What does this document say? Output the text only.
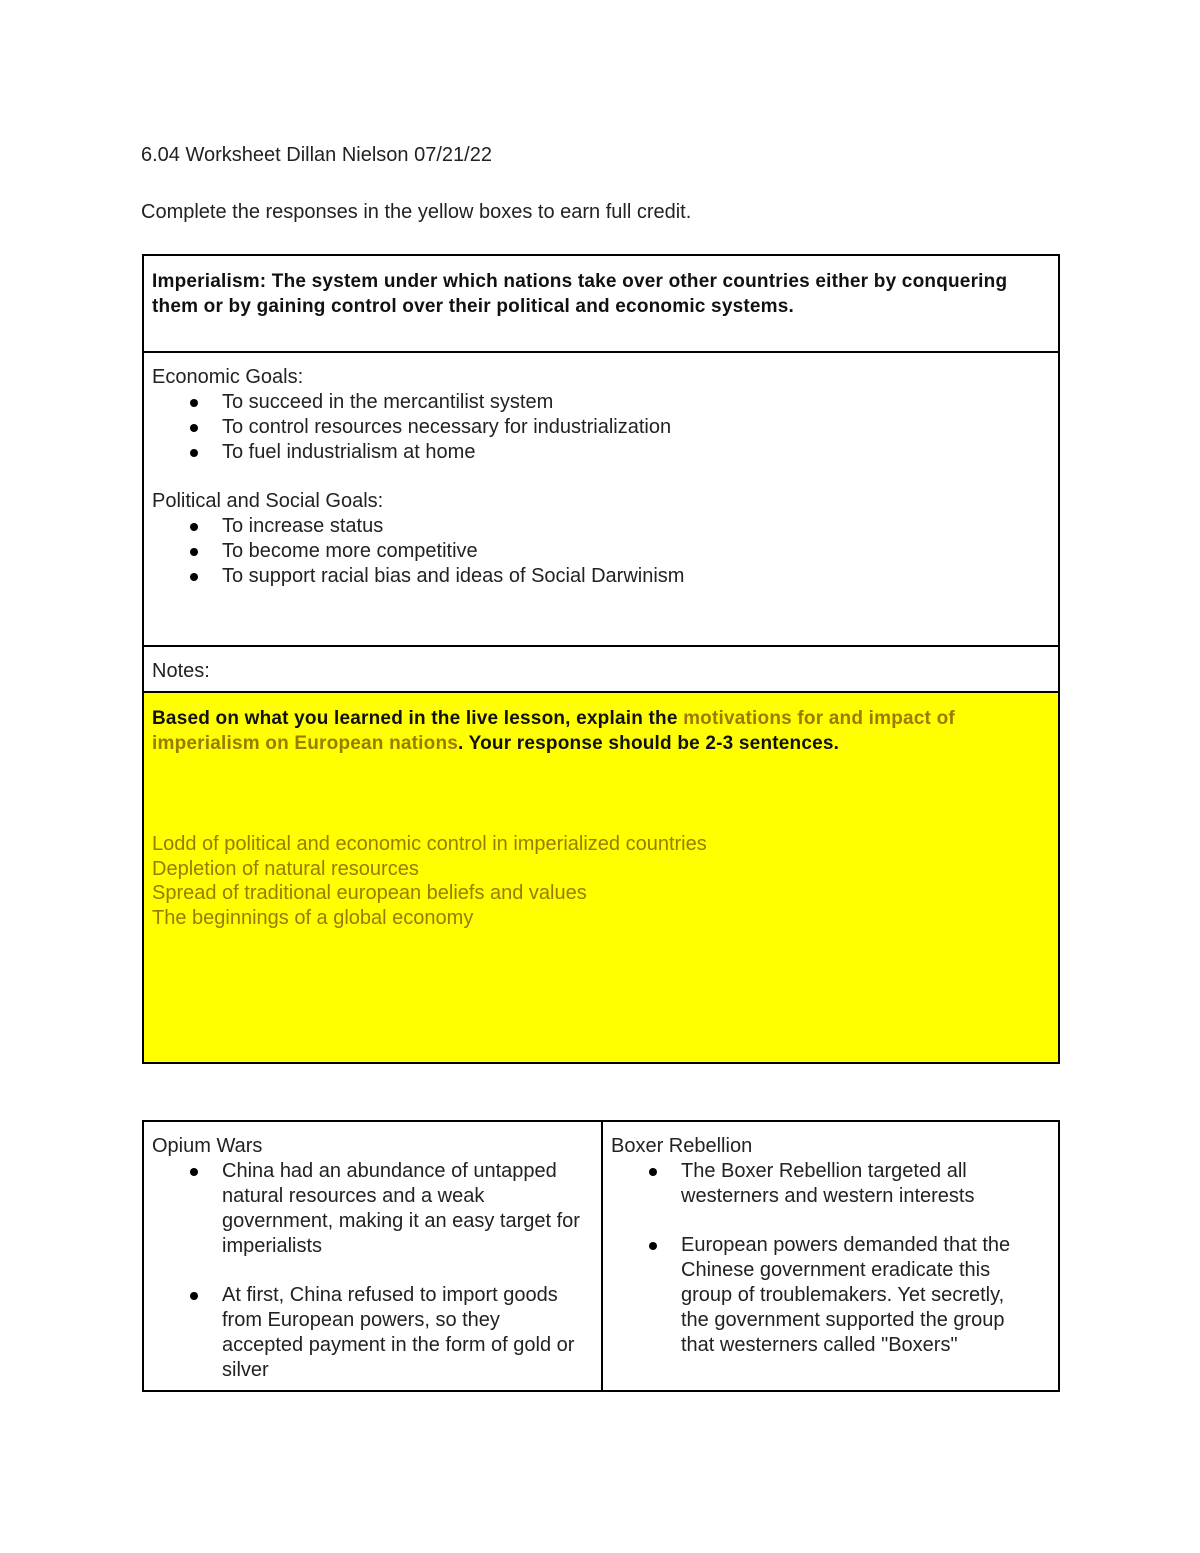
6.04 Worksheet Dillan Nielson 07/21/22
Complete the responses in the yellow boxes to earn full credit.
Imperialism: The system under which nations take over other countries either by conquering them or by gaining control over their political and economic systems.
Economic Goals:
To succeed in the mercantilist system
To control resources necessary for industrialization
To fuel industrialism at home
Political and Social Goals:
To increase status
To become more competitive
To support racial bias and ideas of Social Darwinism
Notes:
Based on what you learned in the live lesson, explain the motivations for and impact of imperialism on European nations. Your response should be 2-3 sentences.
Lodd of political and economic control in imperialized countries
Depletion of natural resources
Spread of traditional european beliefs and values
The beginnings of a global economy
Opium Wars
China had an abundance of untapped natural resources and a weak government, making it an easy target for imperialists
At first, China refused to import goods from European powers, so they accepted payment in the form of gold or silver
Boxer Rebellion
The Boxer Rebellion targeted all westerners and western interests
European powers demanded that the Chinese government eradicate this group of troublemakers. Yet secretly, the government supported the group that westerners called "Boxers"
